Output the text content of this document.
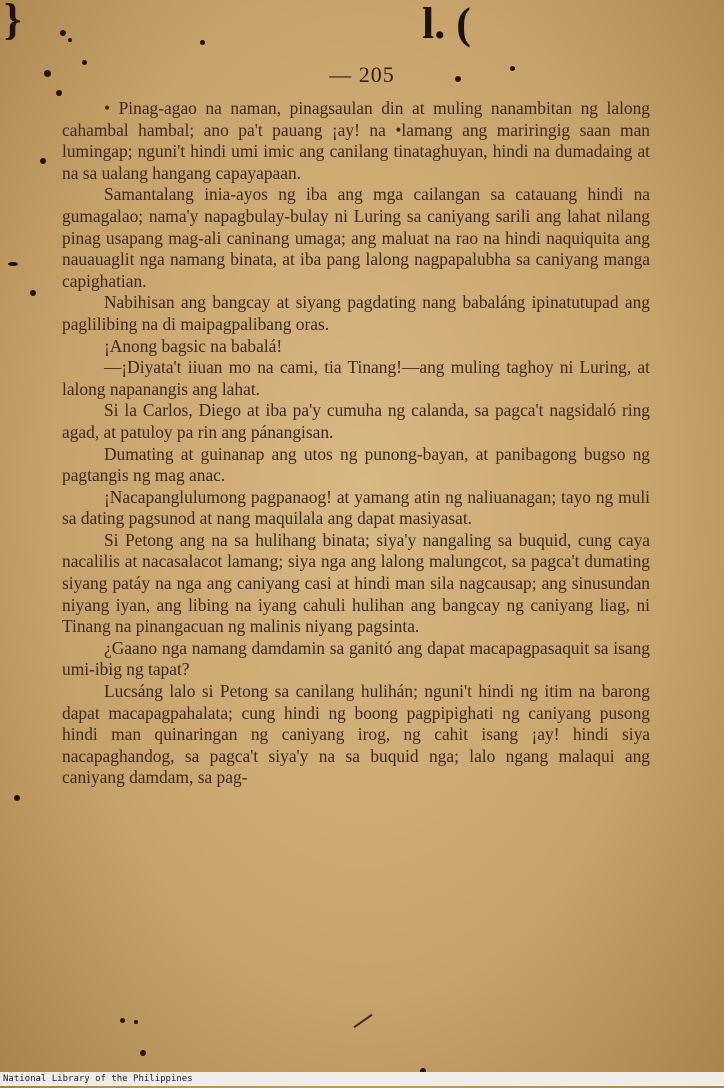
}	l. (
— 205

• Pinag-agao na naman, pinagsaulan din at muling nanambitan ng lalong cahambal hambal; ano pa't pauang ¡ay! na •lamang ang mariringig saan man lumingap; nguni't hindi umi imic ang canilang tinataghuyan, hindi na dumadaing at na sa ualang hangang capayapaan.

Samantalang inia-ayos ng iba ang mga cailangan sa catauang hindi na gumagalao; nama'y napagbulay-bulay ni Luring sa caniyang sarili ang lahat nilang pinag usapang mag-ali caninang umaga; ang maluat na rao na hindi naquiquita ang nauauaglit nga namang binata, at iba pang lalong nagpapalubha sa caniyang manga capighatian.

Nabihisan ang bangcay at siyang pagdating nang babaláng ipinatutupad ang paglilibing na di maipagpalibang oras.

¡Anong bagsic na babalá!

—¡Diyata't iiuan mo na cami, tia Tinang!—ang muling taghoy ni Luring, at lalong napanangis ang lahat.

Si la Carlos, Diego at iba pa'y cumuha ng calanda, sa pagca't nagsidaló ring agad, at patuloy pa rin ang pánangisan.

Dumating at guinanap ang utos ng punong-bayan, at panibagong bugso ng pagtangis ng mag anac.

¡Nacapanglulumong pagpanaog! at yamang atin ng naliuanagan; tayo ng muli sa dating pagsunod at nang maquilala ang dapat masiyasat.

Si Petong ang na sa hulihang binata; siya'y nangaling sa buquid, cung caya nacalilis at nacasalacot lamang; siya nga ang lalong malungcot, sa pagca't dumating siyang patáy na nga ang caniyang casi at hindi man sila nagcausap; ang sinusundan niyang iyan, ang libing na iyang cahuli hulihan ang bangcay ng caniyang liag, ni Tinang na pinangacuan ng malinis niyang pagsinta.

¿Gaano nga namang damdamin sa ganitó ang dapat macapagpasaquit sa isang umi-ibig ng tapat?

Lucsáng lalo si Petong sa canilang hulihán; nguni't hindi ng itim na barong dapat macapagpahalata; cung hindi ng boong pagpipighati ng caniyang pusong hindi man quinaringan ng caniyang irog, ng cahit isang ¡ay! hindi siya nacapaghandog, sa pagca't siya'y na sa buquid nga; lalo ngang malaqui ang caniyang damdam, sa pag-

National Library of the Philippines
